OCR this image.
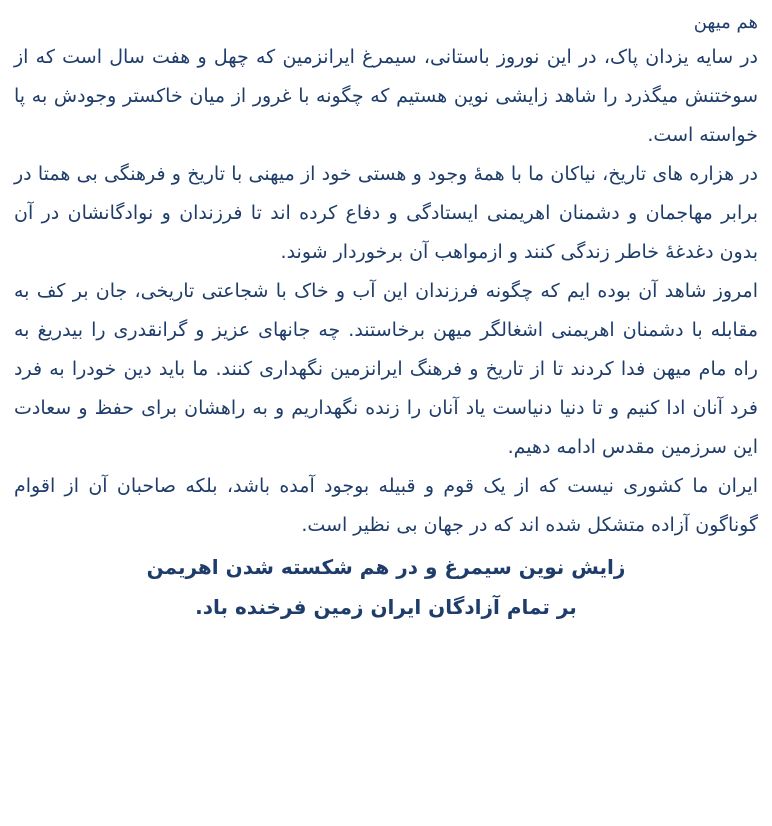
هم میهن

در سایه یزدان پاک، در این نوروز باستانی، سیمرغ ایرانزمین که چهل و هفت سال است که از سوختنش میگذرد را شاهد زایشی نوین هستیم که چگونه با غرور از میان خاکستر وجودش به پا خواسته است.

در هزاره های تاریخ، نیاکان ما با همهٔ وجود و هستی خود از میهنی با تاریخ و فرهنگی بی همتا در برابر مهاجمان و دشمنان اهریمنی ایستادگی و دفاع کرده اند تا فرزندان و نوادگانشان در آن بدون دغدغهٔ خاطر زندگی کنند و ازمواهب آن برخوردار شوند.

امروز شاهد آن بوده ایم که چگونه فرزندان این آب و خاک با شجاعتی تاریخی، جان بر کف به مقابله با دشمنان اهریمنی اشغالگر میهن برخاستند. چه جانهای عزیز و گرانقدری را بیدریغ به راه مام میهن فدا کردند تا از تاریخ و فرهنگ ایرانزمین نگهداری کنند. ما باید دین خودرا به فرد فرد آنان ادا کنیم و تا دنیا دنیاست یاد آنان را زنده نگهداریم و به راهشان برای حفظ و سعادت این سرزمین مقدس ادامه دهیم.

ایران ما کشوری نیست که از یک قوم و قبیله بوجود آمده باشد، بلکه صاحبان آن از اقوام گوناگون آزاده متشکل شده اند که در جهان بی نظیر است.

زایش نوین سیمرغ و در هم شکسته شدن اهریمن

بر تمام آزادگان ایران زمین فرخنده باد.
